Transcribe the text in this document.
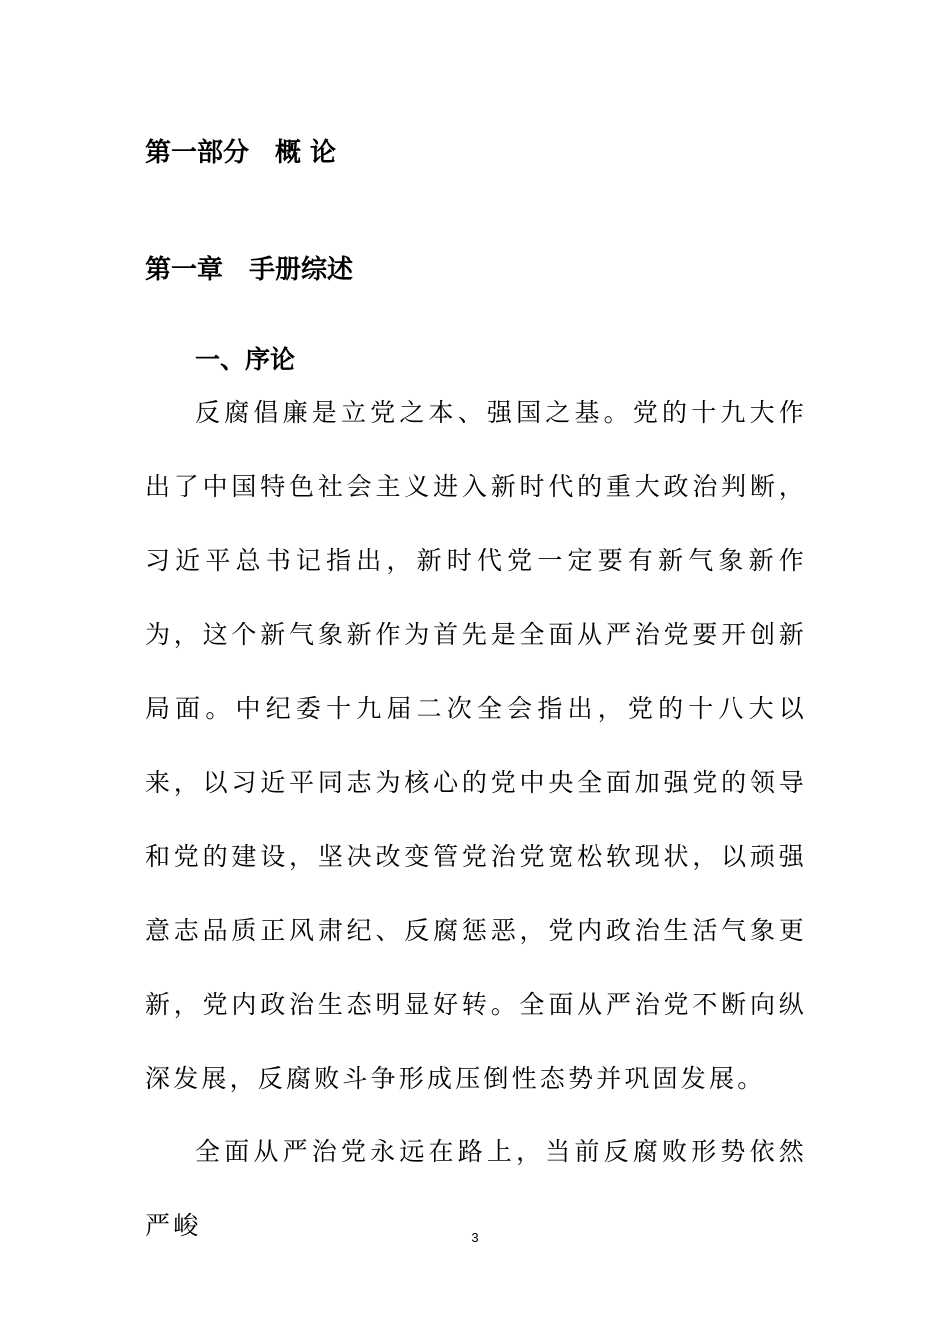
第一部分　概 论
第一章　手册综述
一、序论

反腐倡廉是立党之本、强国之基。党的十九大作出了中国特色社会主义进入新时代的重大政治判断，习近平总书记指出，新时代党一定要有新气象新作为，这个新气象新作为首先是全面从严治党要开创新局面。中纪委十九届二次全会指出，党的十八大以来，以习近平同志为核心的党中央全面加强党的领导和党的建设，坚决改变管党治党宽松软现状，以顽强意志品质正风肃纪、反腐惩恶，党内政治生活气象更新，党内政治生态明显好转。全面从严治党不断向纵深发展，反腐败斗争形成压倒性态势并巩固发展。

全面从严治党永远在路上，当前反腐败形势依然严峻	3
